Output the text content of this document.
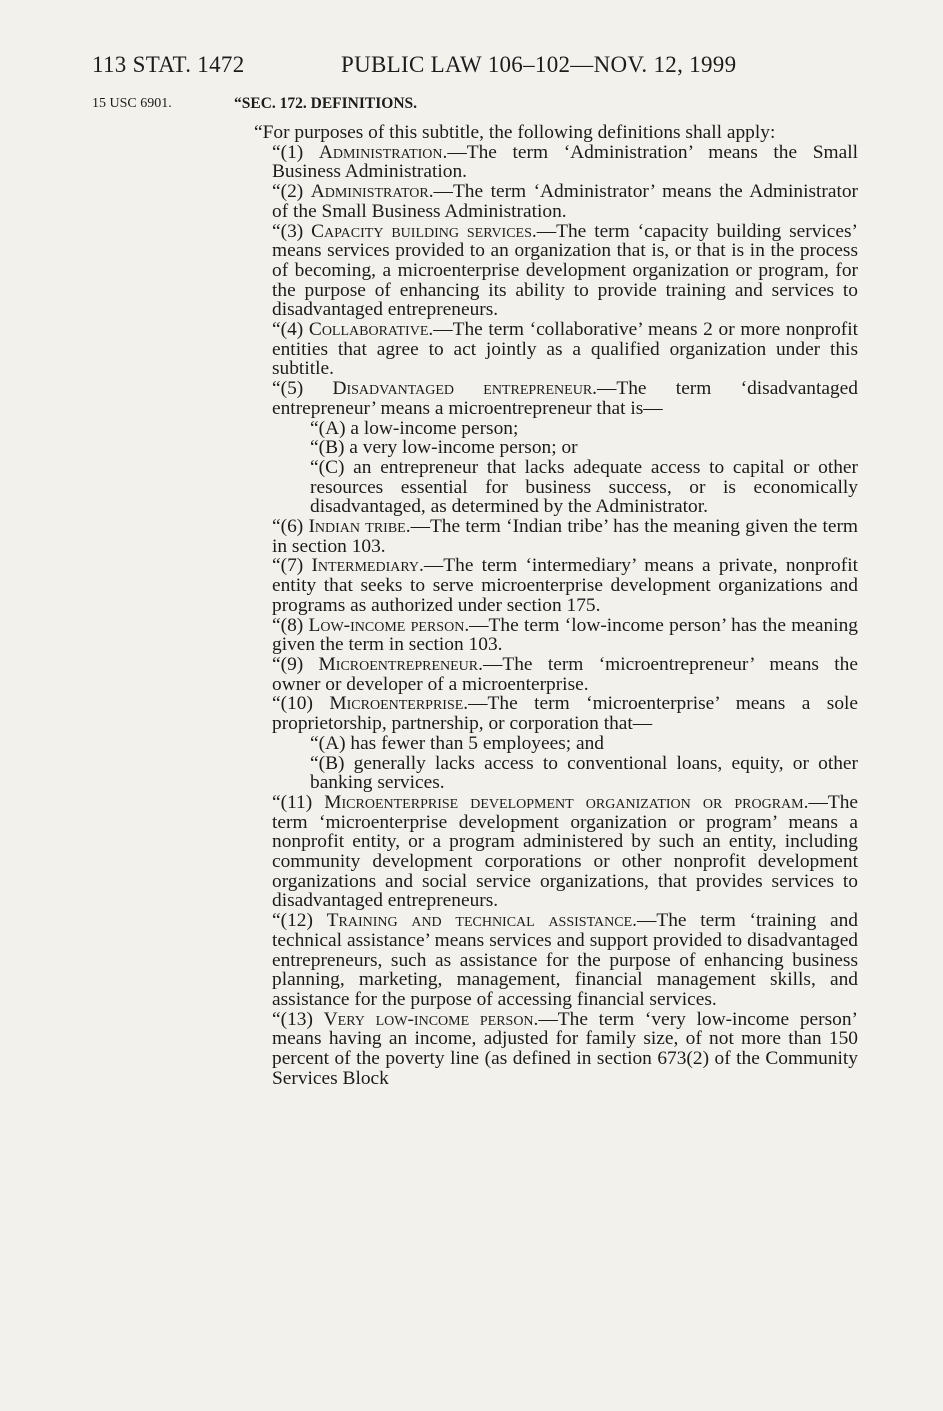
113 STAT. 1472	PUBLIC LAW 106–102—NOV. 12, 1999
15 USC 6901.	“SEC. 172. DEFINITIONS.

“For purposes of this subtitle, the following definitions shall apply:

“(1) Administration.—The term ‘Administration’ means the Small Business Administration.

“(2) Administrator.—The term ‘Administrator’ means the Administrator of the Small Business Administration.

“(3) Capacity building services.—The term ‘capacity building services’ means services provided to an organization that is, or that is in the process of becoming, a microenterprise development organization or program, for the purpose of enhancing its ability to provide training and services to disadvantaged entrepreneurs.

“(4) Collaborative.—The term ‘collaborative’ means 2 or more nonprofit entities that agree to act jointly as a qualified organization under this subtitle.

“(5) Disadvantaged entrepreneur.—The term ‘disadvantaged entrepreneur’ means a microentrepreneur that is—

“(A) a low-income person;

“(B) a very low-income person; or

“(C) an entrepreneur that lacks adequate access to capital or other resources essential for business success, or is economically disadvantaged, as determined by the Administrator.

“(6) Indian tribe.—The term ‘Indian tribe’ has the meaning given the term in section 103.

“(7) Intermediary.—The term ‘intermediary’ means a private, nonprofit entity that seeks to serve microenterprise development organizations and programs as authorized under section 175.

“(8) Low-income person.—The term ‘low-income person’ has the meaning given the term in section 103.

“(9) Microentrepreneur.—The term ‘microentrepreneur’ means the owner or developer of a microenterprise.

“(10) Microenterprise.—The term ‘microenterprise’ means a sole proprietorship, partnership, or corporation that—

“(A) has fewer than 5 employees; and

“(B) generally lacks access to conventional loans, equity, or other banking services.

“(11) Microenterprise development organization or program.—The term ‘microenterprise development organization or program’ means a nonprofit entity, or a program administered by such an entity, including community development corporations or other nonprofit development organizations and social service organizations, that provides services to disadvantaged entrepreneurs.

“(12) Training and technical assistance.—The term ‘training and technical assistance’ means services and support provided to disadvantaged entrepreneurs, such as assistance for the purpose of enhancing business planning, marketing, management, financial management skills, and assistance for the purpose of accessing financial services.

“(13) Very low-income person.—The term ‘very low-income person’ means having an income, adjusted for family size, of not more than 150 percent of the poverty line (as defined in section 673(2) of the Community Services Block
